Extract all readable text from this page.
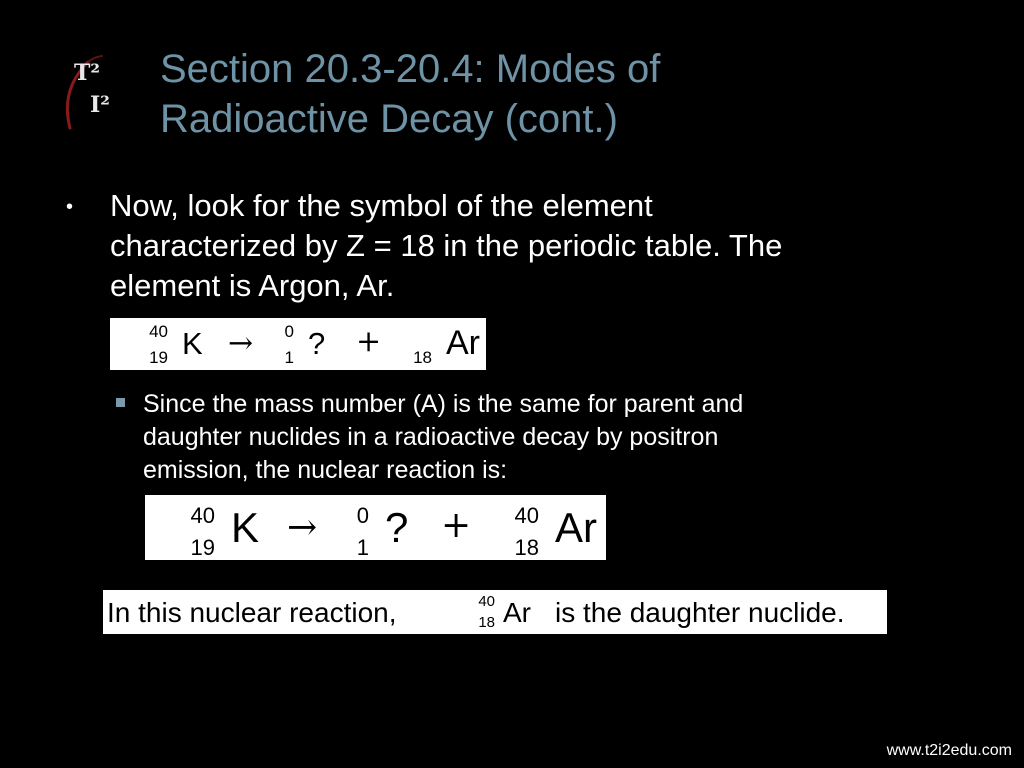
T²
I²
Section 20.3-20.4: Modes of
Radioactive Decay (cont.)
• Now, look for the symbol of the element
characterized by Z = 18 in the periodic table. The
element is Argon, Ar.
40
19 K →	0
1 ? +	18 Ar
Since the mass number (A) is the same for parent and
daughter nuclides in a radioactive decay by positron
emission, the nuclear reaction is:
40
19 K →	0
1 ? +	40
18 Ar
In this nuclear reaction,	40
18 Ar is the daughter nuclide.
www.t2i2edu.com
